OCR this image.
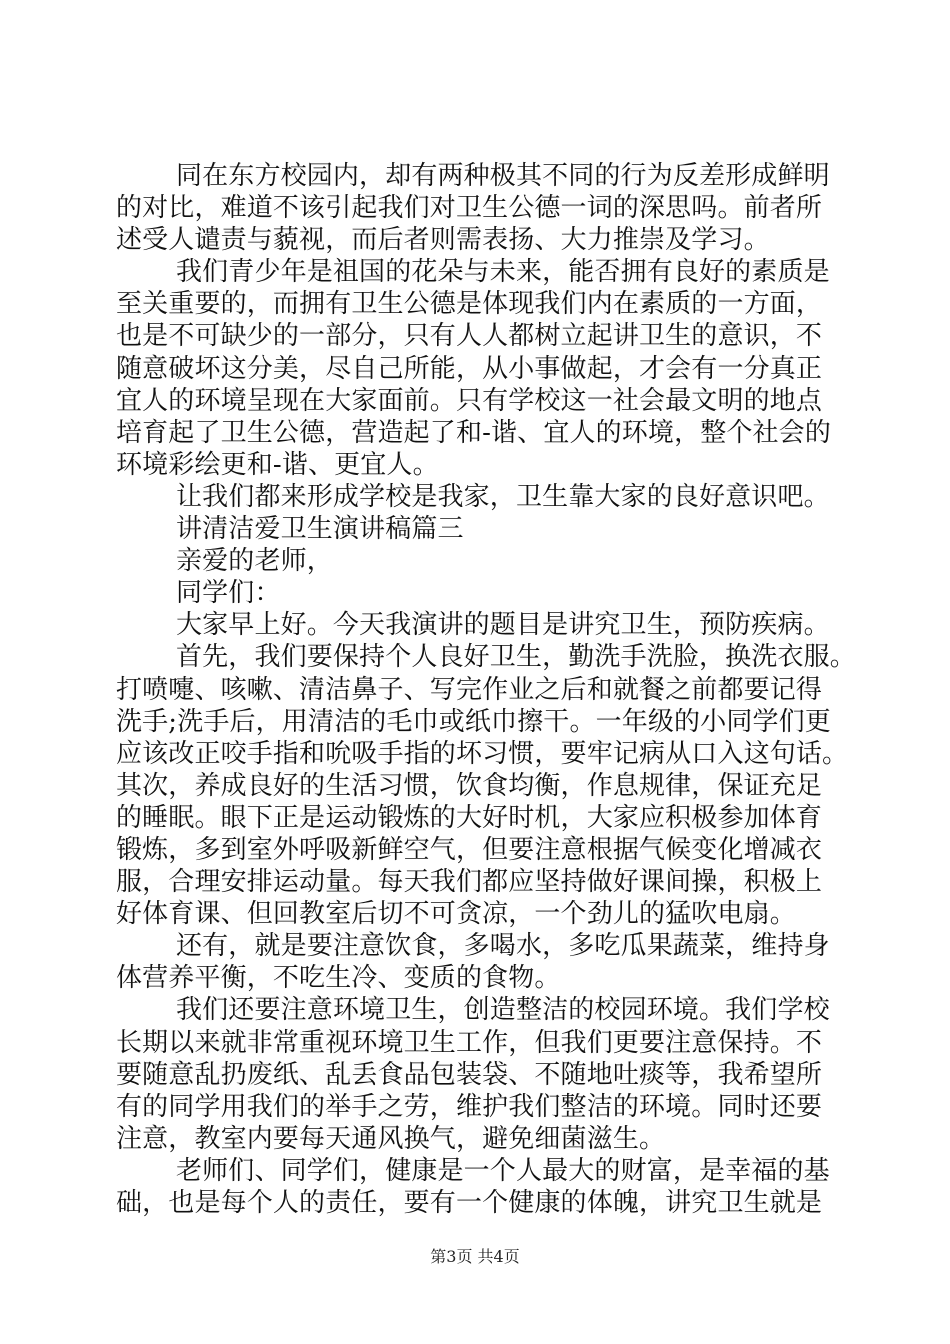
同在东方校园内，却有两种极其不同的行为反差形成鲜明
的对比，难道不该引起我们对卫生公德一词的深思吗。前者所
述受人谴责与藐视，而后者则需表扬、大力推崇及学习。
我们青少年是祖国的花朵与未来，能否拥有良好的素质是
至关重要的，而拥有卫生公德是体现我们内在素质的一方面，
也是不可缺少的一部分，只有人人都树立起讲卫生的意识，不
随意破坏这分美，尽自己所能，从小事做起，才会有一分真正
宜人的环境呈现在大家面前。只有学校这一社会最文明的地点
培育起了卫生公德，营造起了和-谐、宜人的环境，整个社会的
环境彩绘更和-谐、更宜人。
让我们都来形成学校是我家，卫生靠大家的良好意识吧。
讲清洁爱卫生演讲稿篇三
亲爱的老师，
同学们：
大家早上好。今天我演讲的题目是讲究卫生，预防疾病。
首先，我们要保持个人良好卫生，勤洗手洗脸，换洗衣服。
打喷嚏、咳嗽、清洁鼻子、写完作业之后和就餐之前都要记得
洗手;洗手后，用清洁的毛巾或纸巾擦干。一年级的小同学们更
应该改正咬手指和吮吸手指的坏习惯，要牢记病从口入这句话。
其次，养成良好的生活习惯，饮食均衡，作息规律，保证充足
的睡眠。眼下正是运动锻炼的大好时机，大家应积极参加体育
锻炼，多到室外呼吸新鲜空气，但要注意根据气候变化增减衣
服，合理安排运动量。每天我们都应坚持做好课间操，积极上
好体育课、但回教室后切不可贪凉，一个劲儿的猛吹电扇。
还有，就是要注意饮食，多喝水，多吃瓜果蔬菜，维持身
体营养平衡，不吃生冷、变质的食物。
我们还要注意环境卫生，创造整洁的校园环境。我们学校
长期以来就非常重视环境卫生工作，但我们更要注意保持。不
要随意乱扔废纸、乱丢食品包装袋、不随地吐痰等，我希望所
有的同学用我们的举手之劳，维护我们整洁的环境。同时还要
注意，教室内要每天通风换气，避免细菌滋生。
老师们、同学们，健康是一个人最大的财富，是幸福的基
础，也是每个人的责任，要有一个健康的体魄，讲究卫生就是
第3页 共4页
